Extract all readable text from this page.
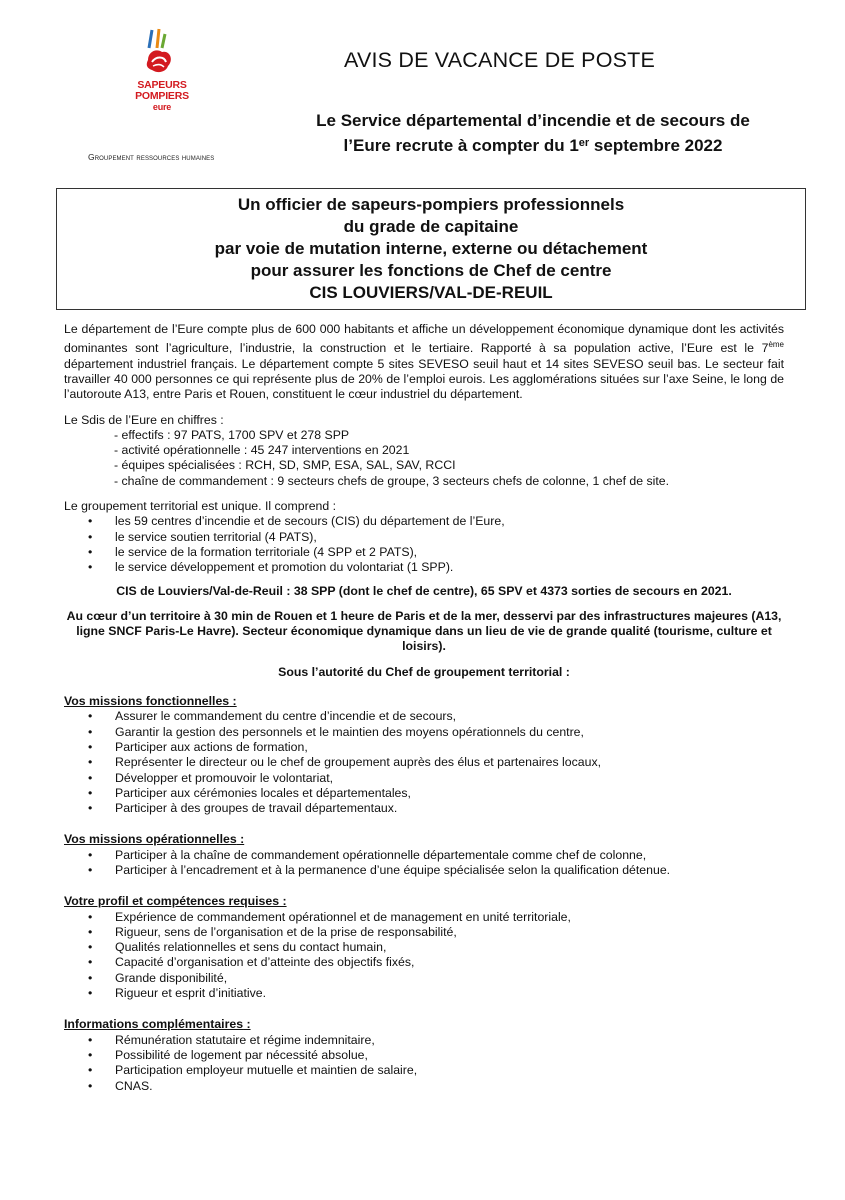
SAPEURS
POMPIERS
eure
Groupement ressources humaines
AVIS DE VACANCE DE POSTE
Le Service départemental d’incendie et de secours de
l’Eure recrute à compter du 1er septembre 2022
Un officier de sapeurs-pompiers professionnels
du grade de capitaine
par voie de mutation interne, externe ou détachement
pour assurer les fonctions de Chef de centre
CIS LOUVIERS/VAL-DE-REUIL

Le département de l’Eure compte plus de 600 000 habitants et affiche un développement économique dynamique dont les activités dominantes sont l’agriculture, l’industrie, la construction et le tertiaire. Rapporté à sa population active, l’Eure est le 7ème département industriel français. Le département compte 5 sites SEVESO seuil haut et 14 sites SEVESO seuil bas. Le secteur fait travailler 40 000 personnes ce qui représente plus de 20% de l’emploi eurois. Les agglomérations situées sur l’axe Seine, le long de l’autoroute A13, entre Paris et Rouen, constituent le cœur industriel du département.

Le Sdis de l’Eure en chiffres :

- effectifs : 97 PATS, 1700 SPV et 278 SPP
- activité opérationnelle : 45 247 interventions en 2021
- équipes spécialisées : RCH, SD, SMP, ESA, SAL, SAV, RCCI
- chaîne de commandement : 9 secteurs chefs de groupe, 3 secteurs chefs de colonne, 1 chef de site.

Le groupement territorial est unique. Il comprend :

• les 59 centres d’incendie et de secours (CIS) du département de l’Eure,
• le service soutien territorial (4 PATS),
• le service de la formation territoriale (4 SPP et 2 PATS),
• le service développement et promotion du volontariat (1 SPP).

CIS de Louviers/Val-de-Reuil : 38 SPP (dont le chef de centre), 65 SPV et 4373 sorties de secours en 2021.

Au cœur d’un territoire à 30 min de Rouen et 1 heure de Paris et de la mer, desservi par des infrastructures majeures (A13, ligne SNCF Paris-Le Havre). Secteur économique dynamique dans un lieu de vie de grande qualité (tourisme, culture et loisirs).

Sous l’autorité du Chef de groupement territorial :

Vos missions fonctionnelles :

• Assurer le commandement du centre d’incendie et de secours,
• Garantir la gestion des personnels et le maintien des moyens opérationnels du centre,
• Participer aux actions de formation,
• Représenter le directeur ou le chef de groupement auprès des élus et partenaires locaux,
• Développer et promouvoir le volontariat,
• Participer aux cérémonies locales et départementales,
• Participer à des groupes de travail départementaux.

Vos missions opérationnelles :

• Participer à la chaîne de commandement opérationnelle départementale comme chef de colonne,
• Participer à l’encadrement et à la permanence d’une équipe spécialisée selon la qualification détenue.

Votre profil et compétences requises :

• Expérience de commandement opérationnel et de management en unité territoriale,
• Rigueur, sens de l’organisation et de la prise de responsabilité,
• Qualités relationnelles et sens du contact humain,
• Capacité d’organisation et d’atteinte des objectifs fixés,
• Grande disponibilité,
• Rigueur et esprit d’initiative.

Informations complémentaires :

• Rémunération statutaire et régime indemnitaire,
• Possibilité de logement par nécessité absolue,
• Participation employeur mutuelle et maintien de salaire,
• CNAS.
